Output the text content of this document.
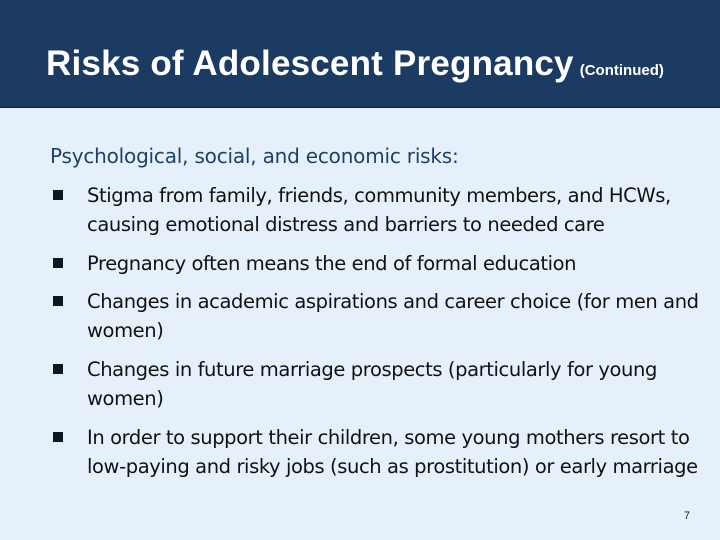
Risks of Adolescent Pregnancy (Continued)
Psychological, social, and economic risks:
Stigma from family, friends, community members, and HCWs, causing emotional distress and barriers to needed care
Pregnancy often means the end of formal education
Changes in academic aspirations and career choice (for men and women)
Changes in future marriage prospects (particularly for young women)
In order to support their children, some young mothers resort to low-paying and risky jobs (such as prostitution) or early marriage
7
